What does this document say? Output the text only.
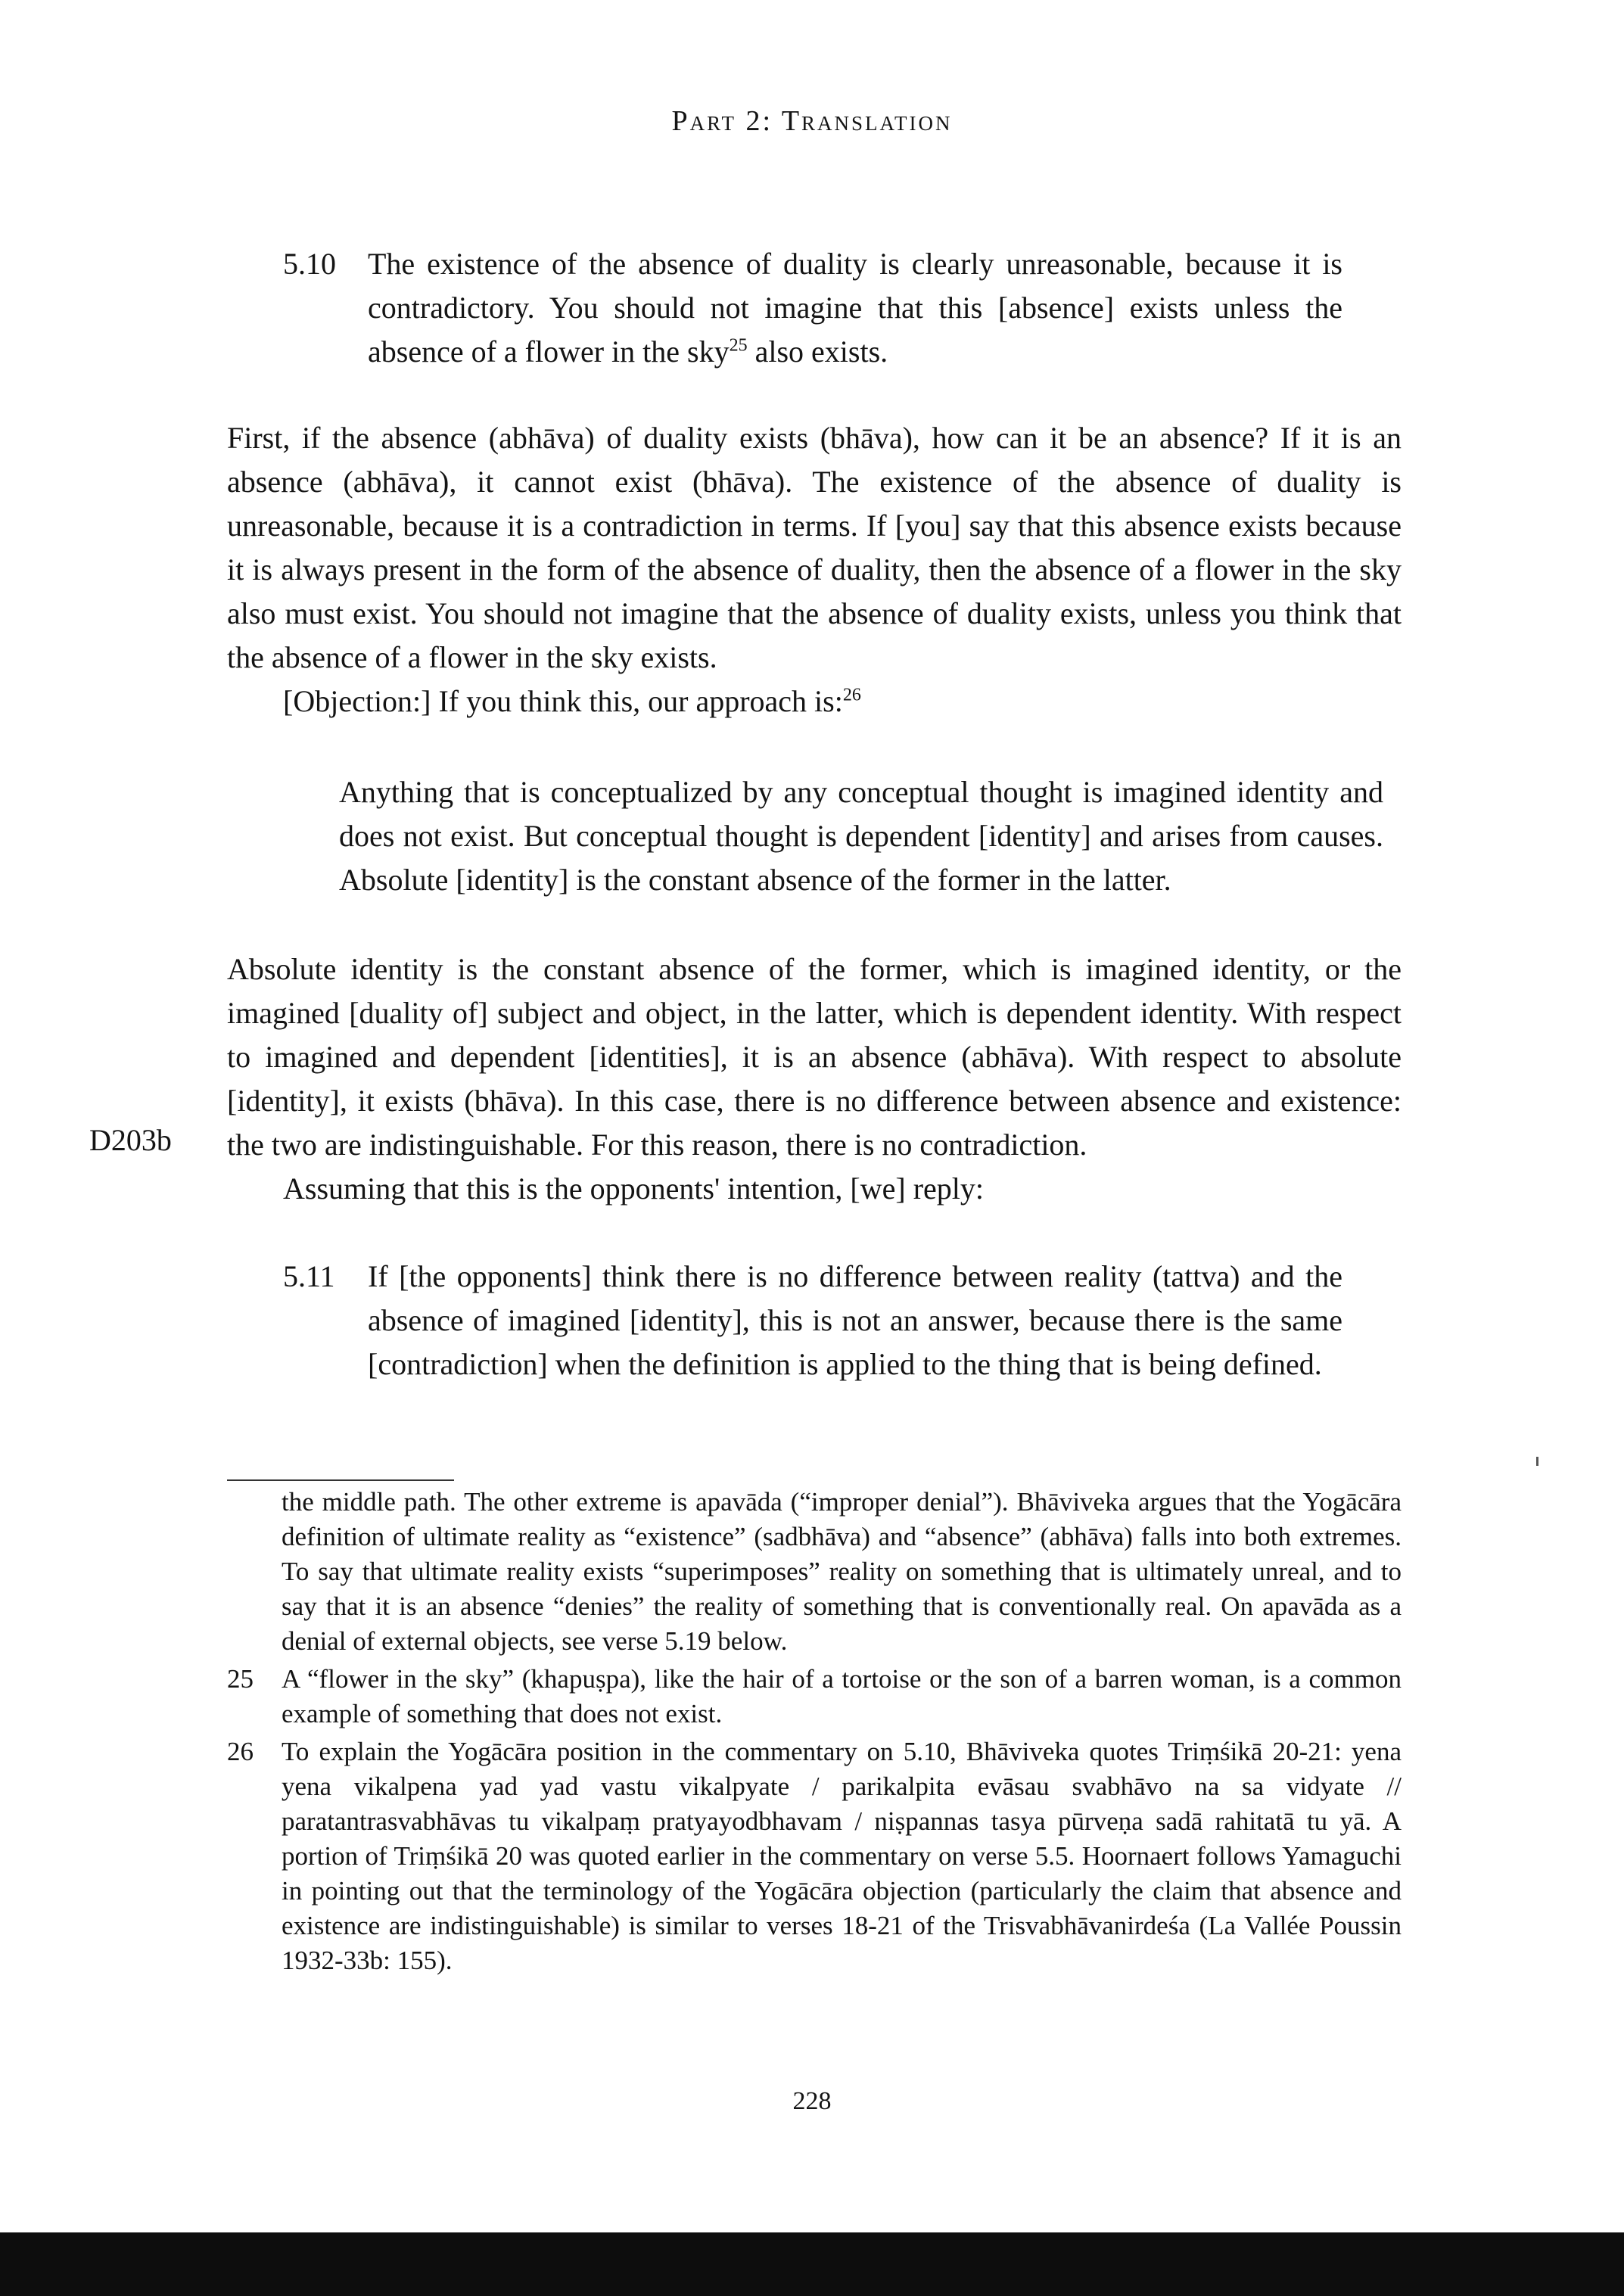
Part 2: Translation
5.10 The existence of the absence of duality is clearly unreasonable, because it is contradictory. You should not imagine that this [absence] exists unless the absence of a flower in the sky$^{25}$ also exists.

First, if the absence (abhāva) of duality exists (bhāva), how can it be an absence? If it is an absence (abhāva), it cannot exist (bhāva). The existence of the absence of duality is unreasonable, because it is a contradiction in terms. If [you] say that this absence exists because it is always present in the form of the absence of duality, then the absence of a flower in the sky also must exist. You should not imagine that the absence of duality exists, unless you think that the absence of a flower in the sky exists.

[Objection:] If you think this, our approach is:$^{26}$

Anything that is conceptualized by any conceptual thought is imagined identity and does not exist. But conceptual thought is dependent [identity] and arises from causes. Absolute [identity] is the constant absence of the former in the latter.

Absolute identity is the constant absence of the former, which is imagined identity, or the imagined [duality of] subject and object, in the latter, which is dependent identity. With respect to imagined and dependent [identities], it is an absence (abhāva). With respect to absolute [identity], it exists (bhāva). In this case, there is no difference between absence and existence: the two are indistinguishable. For this reason, there is no contradiction.

Assuming that this is the opponents' intention, [we] reply:

D203b
5.11 If [the opponents] think there is no difference between reality (tattva) and the absence of imagined [identity], this is not an answer, because there is the same [contradiction] when the definition is applied to the thing that is being defined.
the middle path. The other extreme is apavāda (“improper denial”). Bhāviveka argues that the Yogācāra definition of ultimate reality as “existence” (sadbhāva) and “absence” (abhāva) falls into both extremes. To say that ultimate reality exists “superimposes” reality on something that is ultimately unreal, and to say that it is an absence “denies” the reality of something that is conventionally real. On apavāda as a denial of external objects, see verse 5.19 below.
25 A “flower in the sky” (khapuṣpa), like the hair of a tortoise or the son of a barren woman, is a common example of something that does not exist.
26 To explain the Yogācāra position in the commentary on 5.10, Bhāviveka quotes Triṃśikā 20-21: yena yena vikalpena yad yad vastu vikalpyate / parikalpita evāsau svabhāvo na sa vidyate // paratantrasvabhāvas tu vikalpaṃ pratyayodbhavam / niṣpannas tasya pūrveṇa sadā rahitatā tu yā. A portion of Triṃśikā 20 was quoted earlier in the commentary on verse 5.5. Hoornaert follows Yamaguchi in pointing out that the terminology of the Yogācāra objection (particularly the claim that absence and existence are indistinguishable) is similar to verses 18-21 of the Trisvabhāvanirdeśa (La Vallée Poussin 1932-33b: 155).
228
